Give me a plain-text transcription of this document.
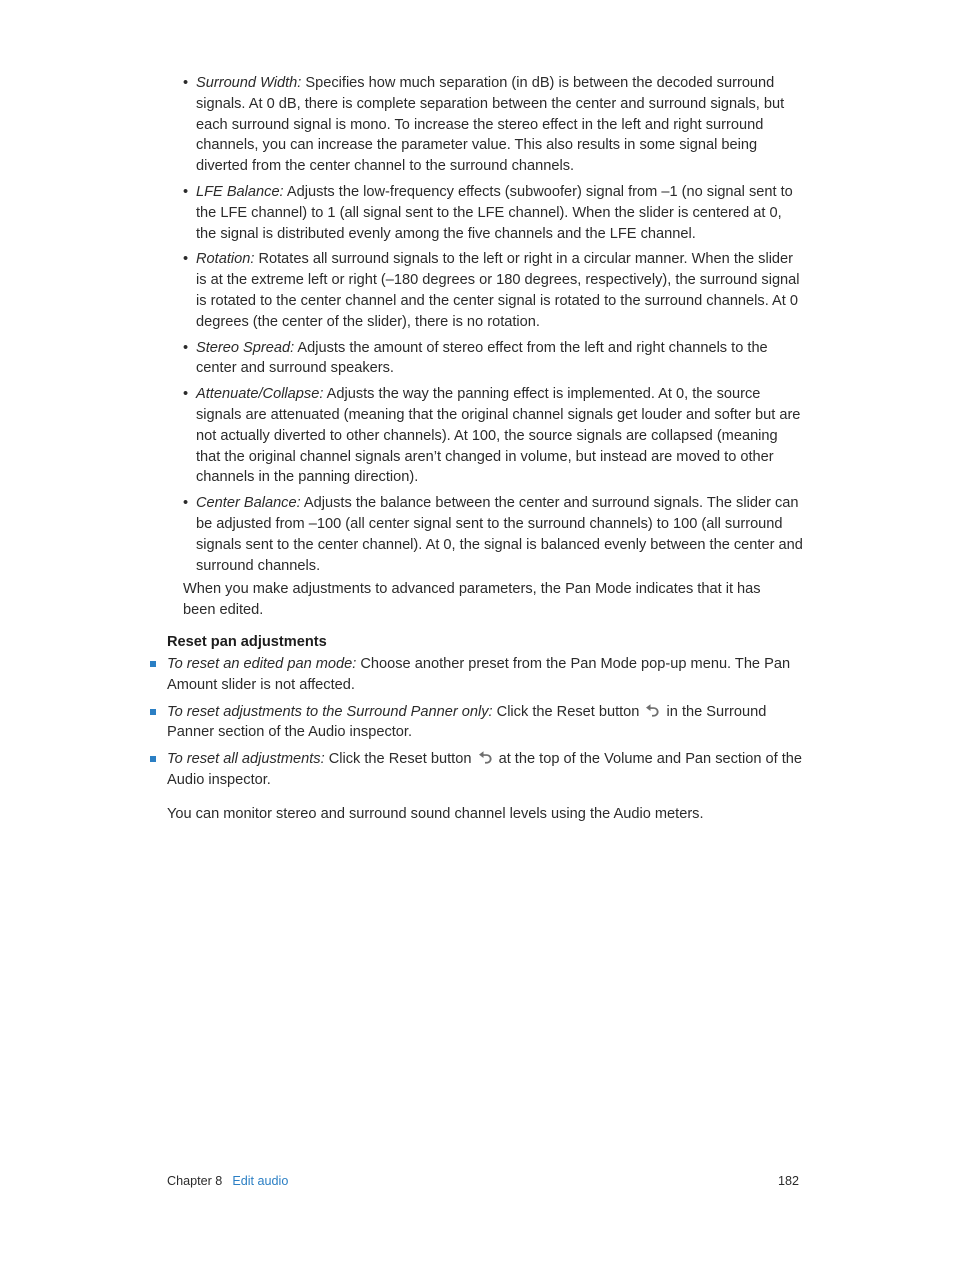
• Surround Width: Specifies how much separation (in dB) is between the decoded surround signals. At 0 dB, there is complete separation between the center and surround signals, but each surround signal is mono. To increase the stereo effect in the left and right surround channels, you can increase the parameter value. This also results in some signal being diverted from the center channel to the surround channels.
• LFE Balance: Adjusts the low-frequency effects (subwoofer) signal from –1 (no signal sent to the LFE channel) to 1 (all signal sent to the LFE channel). When the slider is centered at 0, the signal is distributed evenly among the five channels and the LFE channel.
• Rotation: Rotates all surround signals to the left or right in a circular manner. When the slider is at the extreme left or right (–180 degrees or 180 degrees, respectively), the surround signal is rotated to the center channel and the center signal is rotated to the surround channels. At 0 degrees (the center of the slider), there is no rotation.
• Stereo Spread: Adjusts the amount of stereo effect from the left and right channels to the center and surround speakers.
• Attenuate/Collapse: Adjusts the way the panning effect is implemented. At 0, the source signals are attenuated (meaning that the original channel signals get louder and softer but are not actually diverted to other channels). At 100, the source signals are collapsed (meaning that the original channel signals aren’t changed in volume, but instead are moved to other channels in the panning direction).
• Center Balance: Adjusts the balance between the center and surround signals. The slider can be adjusted from –100 (all center signal sent to the surround channels) to 100 (all surround signals sent to the center channel). At 0, the signal is balanced evenly between the center and surround channels.

When you make adjustments to advanced parameters, the Pan Mode indicates that it has been edited.

Reset pan adjustments
To reset an edited pan mode: Choose another preset from the Pan Mode pop-up menu. The Pan Amount slider is not affected.
To reset adjustments to the Surround Panner only: Click the Reset button  in the Surround Panner section of the Audio inspector.
To reset all adjustments: Click the Reset button  at the top of the Volume and Pan section of the Audio inspector.

You can monitor stereo and surround sound channel levels using the Audio meters.

Chapter 8 Edit audio	182
